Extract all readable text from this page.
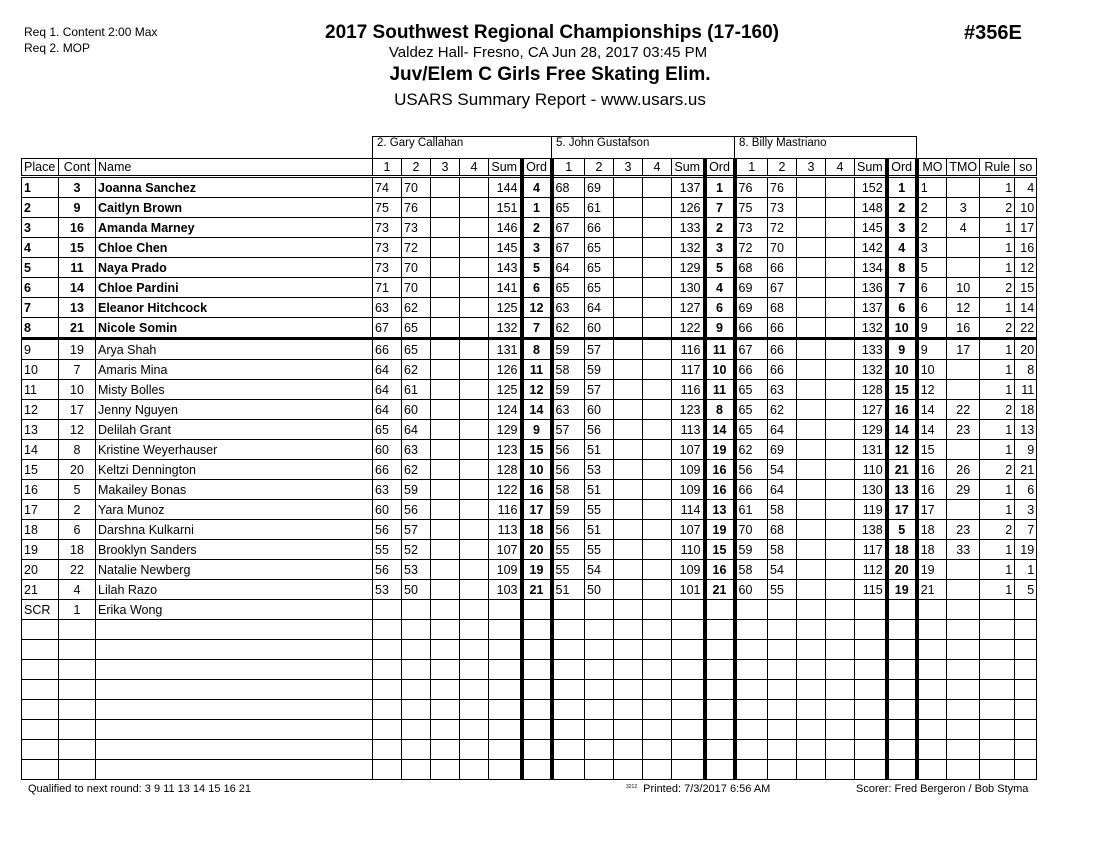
Req 1. Content 2:00 Max
Req 2. MOP
2017 Southwest Regional Championships (17-160)
Valdez Hall- Fresno, CA Jun 28, 2017 03:45 PM
Juv/Elem C Girls Free Skating Elim.
USARS Summary Report - www.usars.us
#356E
			2. Gary Callahan						5. John Gustafson						8. Billy Mastriano									
Place	Cont	Name	1	2	3	4	Sum	Ord	1	2	3	4	Sum	Ord	1	2	3	4	Sum	Ord	MO	TMO	Rule	so
1	3	Joanna Sanchez	74	70			144	4	68	69			137	1	76	76			152	1	1		1	4
2	9	Caitlyn Brown	75	76			151	1	65	61			126	7	75	73			148	2	2	3	2	10
3	16	Amanda Marney	73	73			146	2	67	66			133	2	73	72			145	3	2	4	1	17
4	15	Chloe Chen	73	72			145	3	67	65			132	3	72	70			142	4	3		1	16
5	11	Naya Prado	73	70			143	5	64	65			129	5	68	66			134	8	5		1	12
6	14	Chloe Pardini	71	70			141	6	65	65			130	4	69	67			136	7	6	10	2	15
7	13	Eleanor Hitchcock	63	62			125	12	63	64			127	6	69	68			137	6	6	12	1	14
8	21	Nicole Somin	67	65			132	7	62	60			122	9	66	66			132	10	9	16	2	22
9	19	Arya Shah	66	65			131	8	59	57			116	11	67	66			133	9	9	17	1	20
10	7	Amaris Mina	64	62			126	11	58	59			117	10	66	66			132	10	10		1	8
11	10	Misty Bolles	64	61			125	12	59	57			116	11	65	63			128	15	12		1	11
12	17	Jenny Nguyen	64	60			124	14	63	60			123	8	65	62			127	16	14	22	2	18
13	12	Delilah Grant	65	64			129	9	57	56			113	14	65	64			129	14	14	23	1	13
14	8	Kristine Weyerhauser	60	63			123	15	56	51			107	19	62	69			131	12	15		1	9
15	20	Keltzi Dennington	66	62			128	10	56	53			109	16	56	54			110	21	16	26	2	21
16	5	Makailey Bonas	63	59			122	16	58	51			109	16	66	64			130	13	16	29	1	6
17	2	Yara Munoz	60	56			116	17	59	55			114	13	61	58			119	17	17		1	3
18	6	Darshna Kulkarni	56	57			113	18	56	51			107	19	70	68			138	5	18	23	2	7
19	18	Brooklyn Sanders	55	52			107	20	55	55			110	15	59	58			117	18	18	33	1	19
20	22	Natalie Newberg	56	53			109	19	55	54			109	16	58	54			112	20	19		1	1
21	4	Lilah Razo	53	50			103	21	51	50			101	21	60	55			115	19	21		1	5
SCR	1	Erika Wong																						

Qualified to next round: 3 9 11 13 14 15 16 21	$^{3212}$ Printed: 7/3/2017 6:56 AM	Scorer: Fred Bergeron / Bob Styma
